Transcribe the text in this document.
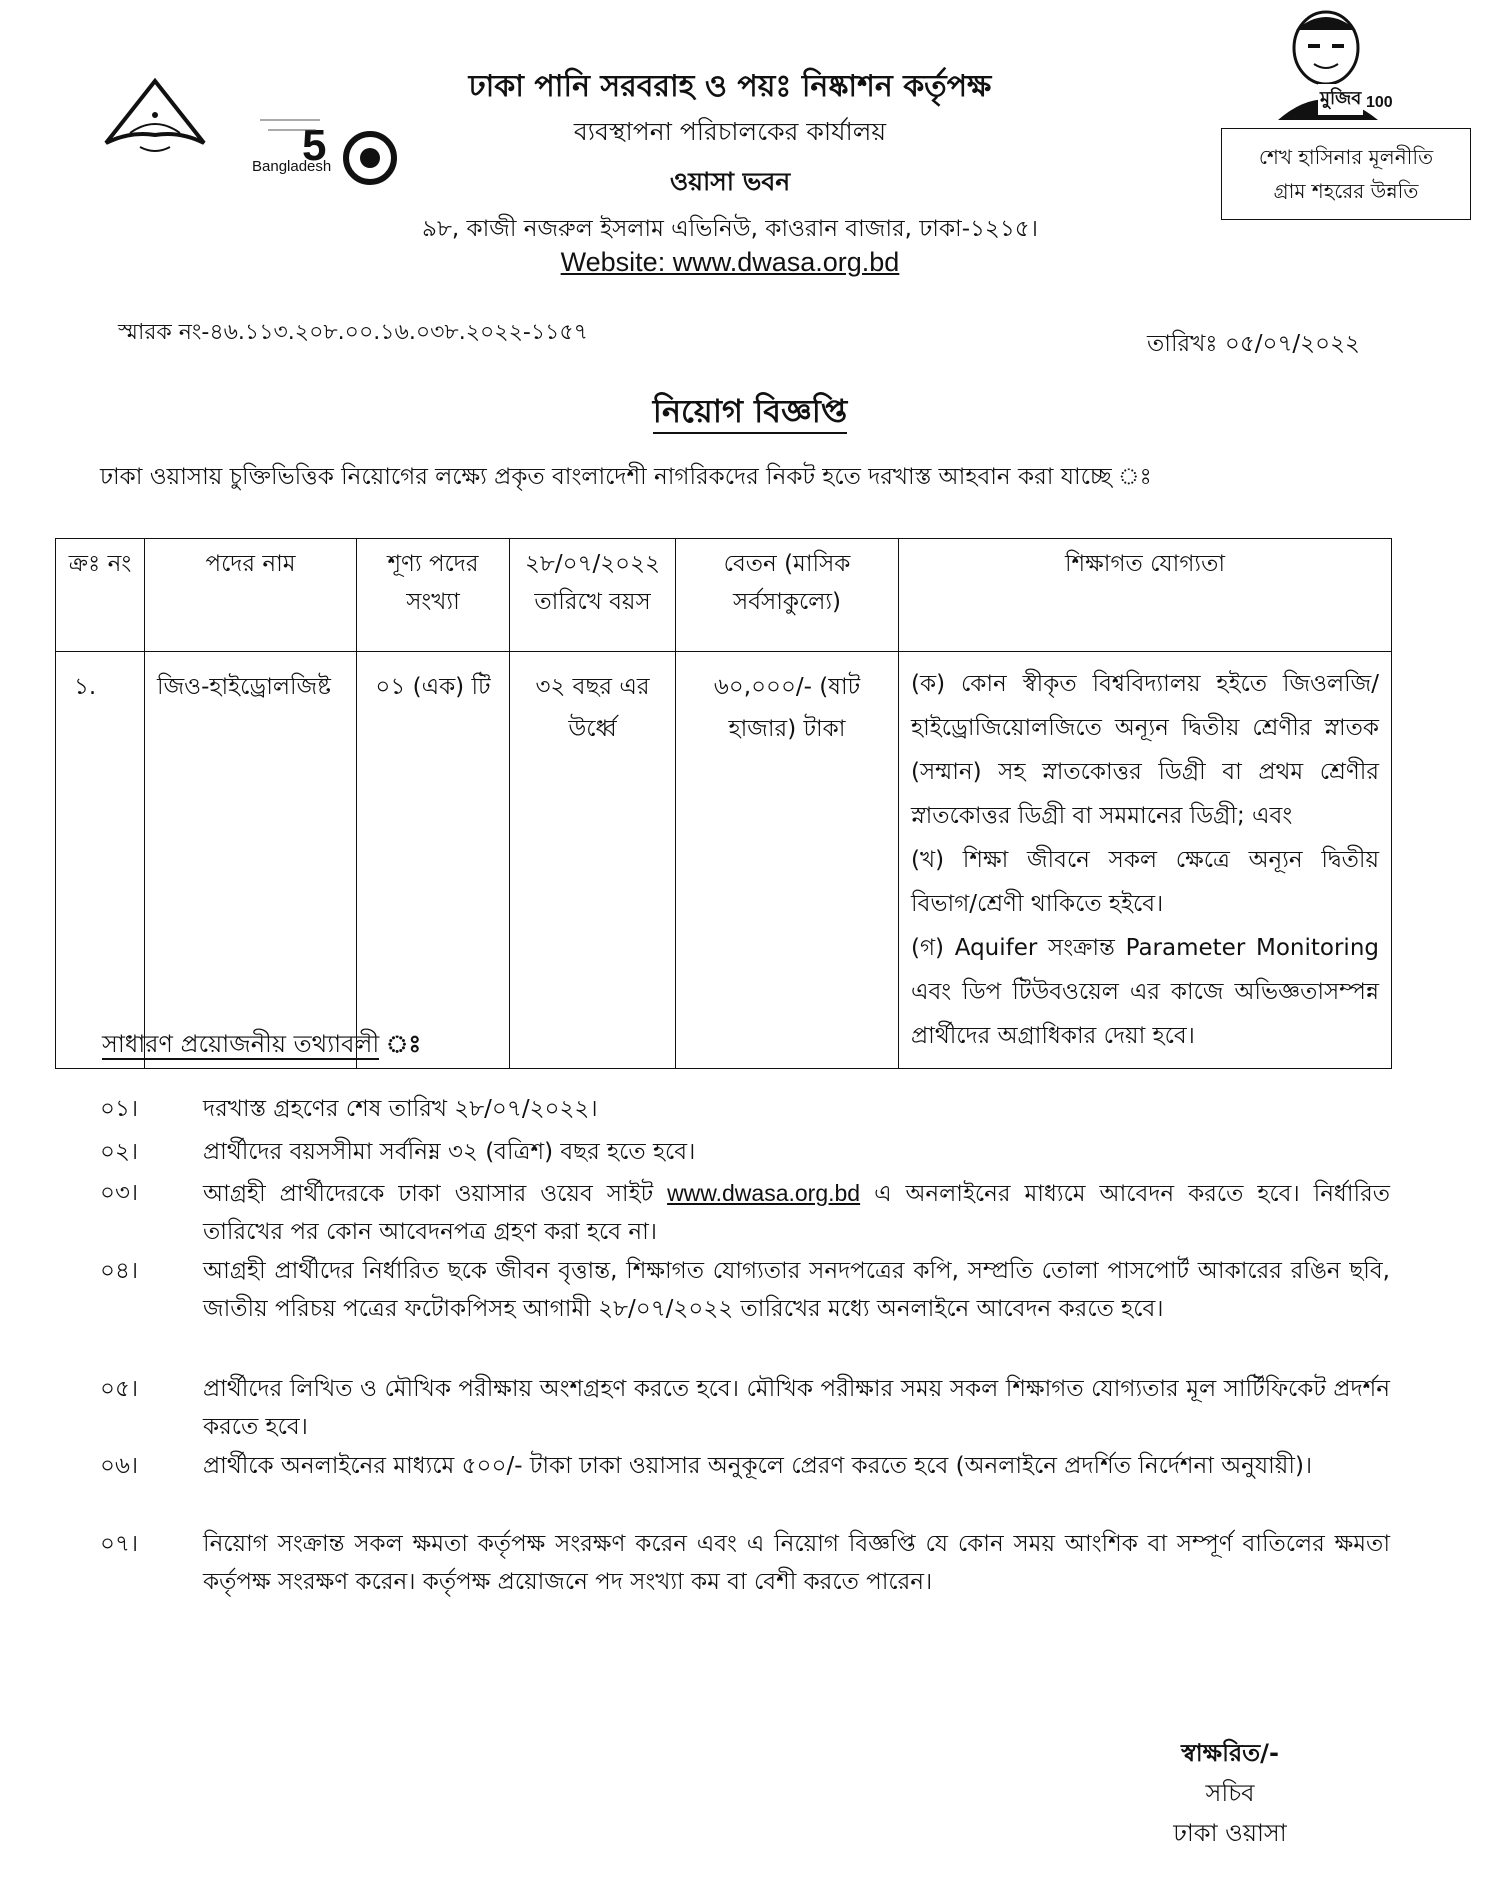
5
Bangladesh
মুজিব 100
শেখ হাসিনার মূলনীতি
গ্রাম শহরের উন্নতি
ঢাকা পানি সরবরাহ ও পয়ঃ নিষ্কাশন কর্তৃপক্ষ
ব্যবস্থাপনা পরিচালকের কার্যালয়
ওয়াসা ভবন
৯৮, কাজী নজরুল ইসলাম এভিনিউ, কাওরান বাজার, ঢাকা-১২১৫।
Website: www.dwasa.org.bd
স্মারক নং-৪৬.১১৩.২০৮.০০.১৬.০৩৮.২০২২-১১৫৭	তারিখঃ ০৫/০৭/২০২২
নিয়োগ বিজ্ঞপ্তি
ঢাকা ওয়াসায় চুক্তিভিত্তিক নিয়োগের লক্ষ্যে প্রকৃত বাংলাদেশী নাগরিকদের নিকট হতে দরখাস্ত আহবান করা যাচ্ছে ঃ
ক্রঃ নং	পদের নাম	শূণ্য পদের সংখ্যা	২৮/০৭/২০২২ তারিখে বয়স	বেতন (মাসিক সর্বসাকুল্যে)	শিক্ষাগত যোগ্যতা
১.	জিও-হাইড্রোলজিষ্ট	০১ (এক) টি	৩২ বছর এর উর্ধ্বে	৬০,০০০/- (ষাট হাজার) টাকা	(ক) কোন স্বীকৃত বিশ্ববিদ্যালয় হইতে জিওলজি/ হাইড্রোজিয়োলজিতে অন্যূন দ্বিতীয় শ্রেণীর স্নাতক (সম্মান) সহ স্নাতকোত্তর ডিগ্রী বা প্রথম শ্রেণীর স্নাতকোত্তর ডিগ্রী বা সমমানের ডিগ্রী; এবং

(খ) শিক্ষা জীবনে সকল ক্ষেত্রে অন্যূন দ্বিতীয় বিভাগ/শ্রেণী থাকিতে হইবে।

(গ) Aquifer সংক্রান্ত Parameter Monitoring এবং ডিপ টিউবওয়েল এর কাজে অভিজ্ঞতাসম্পন্ন প্রার্থীদের অগ্রাধিকার দেয়া হবে।

সাধারণ প্রয়োজনীয় তথ্যাবলী ঃ
০১।	দরখাস্ত গ্রহণের শেষ তারিখ ২৮/০৭/২০২২।
০২।	প্রার্থীদের বয়সসীমা সর্বনিম্ন ৩২ (বত্রিশ) বছর হতে হবে।
০৩।	আগ্রহী প্রার্থীদেরকে ঢাকা ওয়াসার ওয়েব সাইট www.dwasa.org.bd এ অনলাইনের মাধ্যমে আবেদন করতে হবে। নির্ধারিত তারিখের পর কোন আবেদনপত্র গ্রহণ করা হবে না।
০৪।	আগ্রহী প্রার্থীদের নির্ধারিত ছকে জীবন বৃত্তান্ত, শিক্ষাগত যোগ্যতার সনদপত্রের কপি, সম্প্রতি তোলা পাসপোর্ট আকারের রঙিন ছবি, জাতীয় পরিচয় পত্রের ফটোকপিসহ আগামী ২৮/০৭/২০২২ তারিখের মধ্যে অনলাইনে আবেদন করতে হবে।
০৫।	প্রার্থীদের লিখিত ও মৌখিক পরীক্ষায় অংশগ্রহণ করতে হবে। মৌখিক পরীক্ষার সময় সকল শিক্ষাগত যোগ্যতার মূল সার্টিফিকেট প্রদর্শন করতে হবে।
০৬।	প্রার্থীকে অনলাইনের মাধ্যমে ৫০০/- টাকা ঢাকা ওয়াসার অনুকূলে প্রেরণ করতে হবে (অনলাইনে প্রদর্শিত নির্দেশনা অনুযায়ী)।
০৭।	নিয়োগ সংক্রান্ত সকল ক্ষমতা কর্তৃপক্ষ সংরক্ষণ করেন এবং এ নিয়োগ বিজ্ঞপ্তি যে কোন সময় আংশিক বা সম্পূর্ণ বাতিলের ক্ষমতা কর্তৃপক্ষ সংরক্ষণ করেন। কর্তৃপক্ষ প্রয়োজনে পদ সংখ্যা কম বা বেশী করতে পারেন।
স্বাক্ষরিত/-
সচিব
ঢাকা ওয়াসা
